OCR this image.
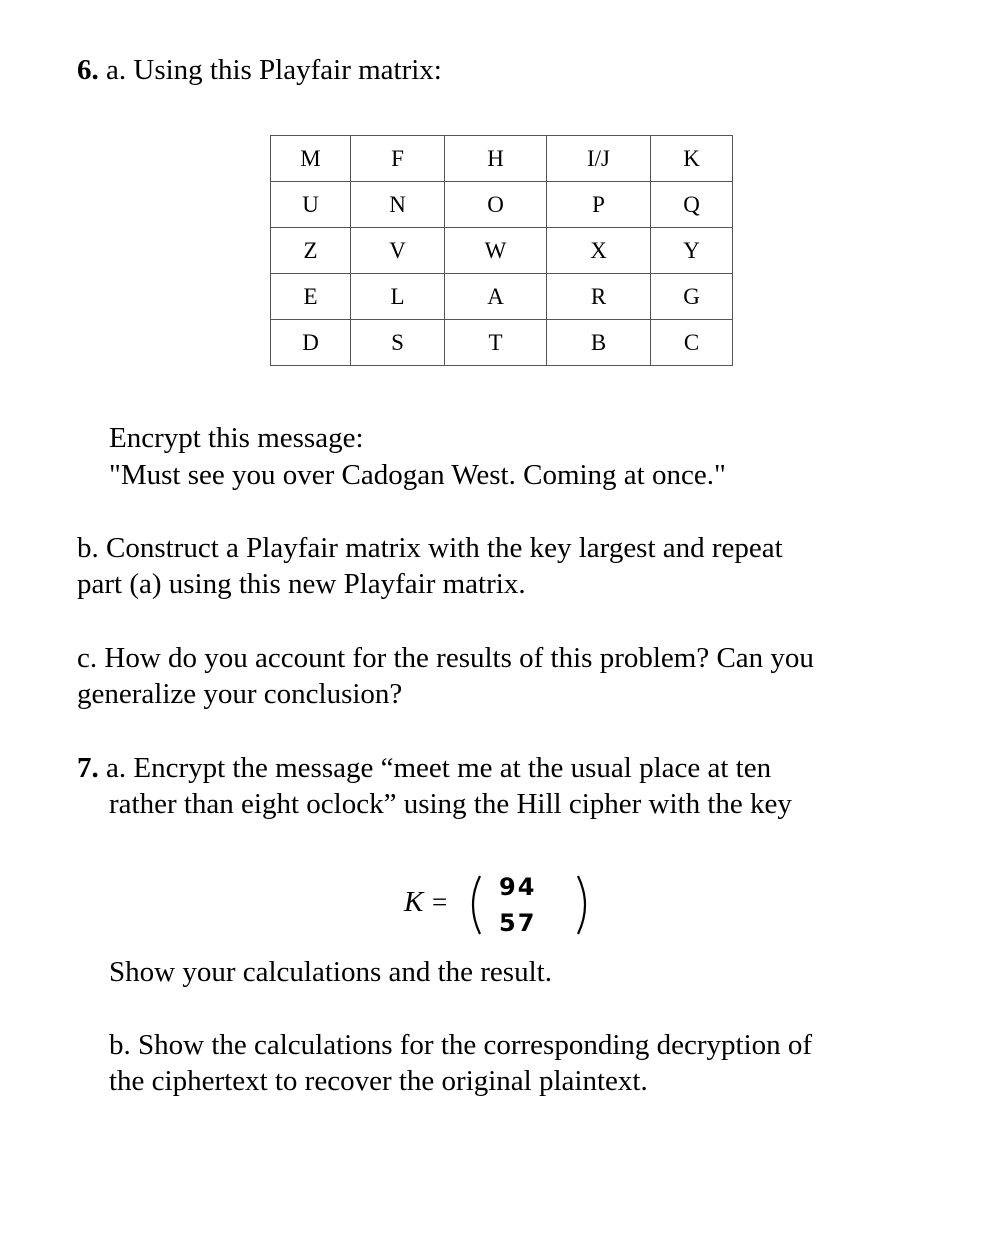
6. a. Using this Playfair matrix:
M	F	H	I/J	K
U	N	O	P	Q
Z	V	W	X	Y
E	L	A	R	G
D	S	T	B	C
Encrypt this message:
"Must see you over Cadogan West. Coming at once."
b. Construct a Playfair matrix with the key largest and repeat
part (a) using this new Playfair matrix.
c. How do you account for the results of this problem? Can you
generalize your conclusion?
7. a. Encrypt the message “meet me at the usual place at ten
rather than eight oclock” using the Hill cipher with the key
K = 94
57
Show your calculations and the result.
b. Show the calculations for the corresponding decryption of
the ciphertext to recover the original plaintext.
